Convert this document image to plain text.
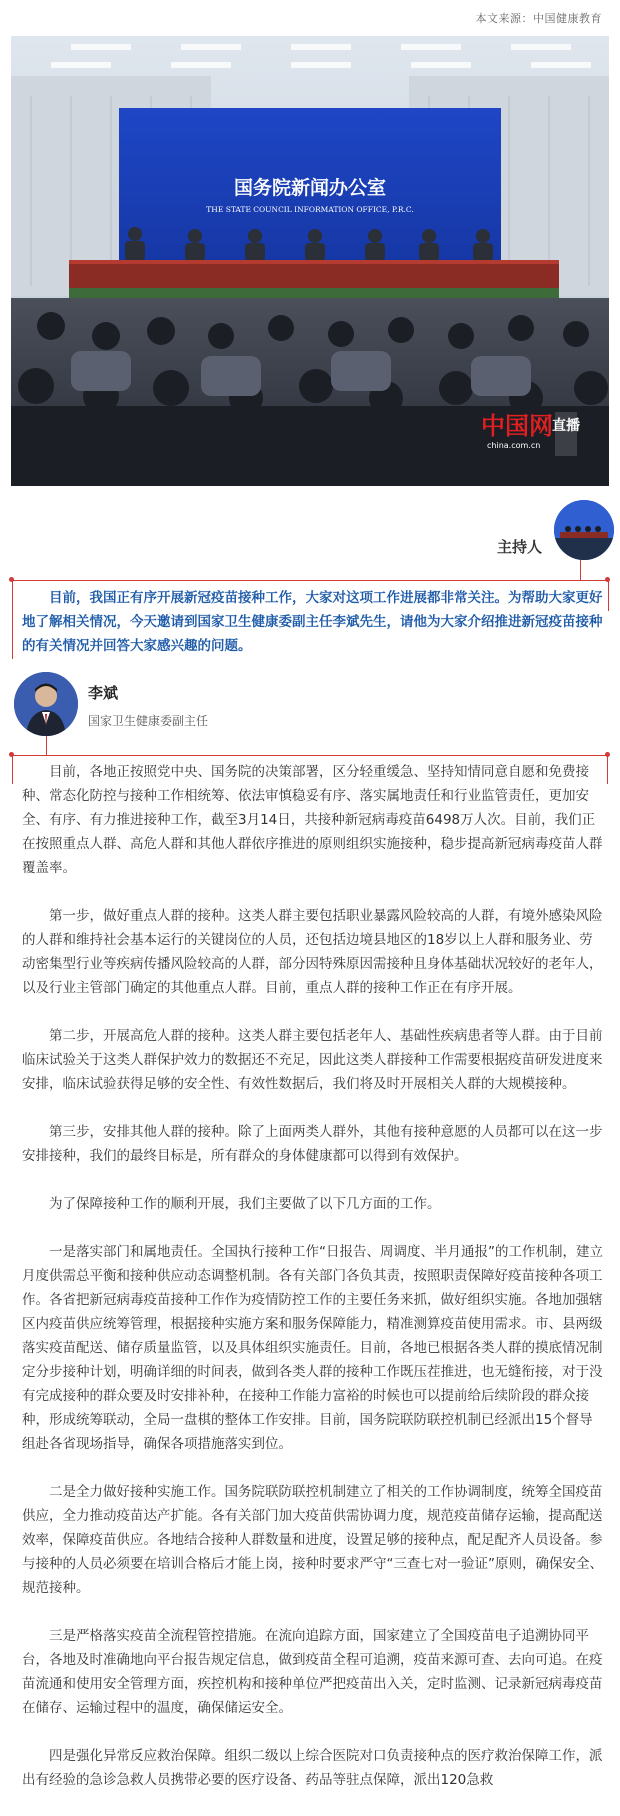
本文来源：中国健康教育
国务院新闻办公室
THE STATE COUNCIL INFORMATION OFFICE, P.R.C.
中国网
china.com.cn
直播
主持人
目前，我国正有序开展新冠疫苗接种工作，大家对这项工作进展都非常关注。为帮助大家更好地了解相关情况，今天邀请到国家卫生健康委副主任李斌先生，请他为大家介绍推进新冠疫苗接种的有关情况并回答大家感兴趣的问题。
李斌
国家卫生健康委副主任

目前，各地正按照党中央、国务院的决策部署，区分轻重缓急、坚持知情同意自愿和免费接种、常态化防控与接种工作相统筹、依法审慎稳妥有序、落实属地责任和行业监管责任，更加安全、有序、有力推进接种工作，截至3月14日，共接种新冠病毒疫苗6498万人次。目前，我们正在按照重点人群、高危人群和其他人群依序推进的原则组织实施接种，稳步提高新冠病毒疫苗人群覆盖率。

第一步，做好重点人群的接种。这类人群主要包括职业暴露风险较高的人群，有境外感染风险的人群和维持社会基本运行的关键岗位的人员，还包括边境县地区的18岁以上人群和服务业、劳动密集型行业等疾病传播风险较高的人群，部分因特殊原因需接种且身体基础状况较好的老年人，以及行业主管部门确定的其他重点人群。目前，重点人群的接种工作正在有序开展。

第二步，开展高危人群的接种。这类人群主要包括老年人、基础性疾病患者等人群。由于目前临床试验关于这类人群保护效力的数据还不充足，因此这类人群接种工作需要根据疫苗研发进度来安排，临床试验获得足够的安全性、有效性数据后，我们将及时开展相关人群的大规模接种。

第三步，安排其他人群的接种。除了上面两类人群外，其他有接种意愿的人员都可以在这一步安排接种，我们的最终目标是，所有群众的身体健康都可以得到有效保护。

为了保障接种工作的顺利开展，我们主要做了以下几方面的工作。

一是落实部门和属地责任。全国执行接种工作“日报告、周调度、半月通报”的工作机制，建立月度供需总平衡和接种供应动态调整机制。各有关部门各负其责，按照职责保障好疫苗接种各项工作。各省把新冠病毒疫苗接种工作作为疫情防控工作的主要任务来抓，做好组织实施。各地加强辖区内疫苗供应统筹管理，根据接种实施方案和服务保障能力，精准测算疫苗使用需求。市、县两级落实疫苗配送、储存质量监管，以及具体组织实施责任。目前，各地已根据各类人群的摸底情况制定分步接种计划，明确详细的时间表，做到各类人群的接种工作既压茬推进，也无缝衔接，对于没有完成接种的群众要及时安排补种，在接种工作能力富裕的时候也可以提前给后续阶段的群众接种，形成统筹联动，全局一盘棋的整体工作安排。目前，国务院联防联控机制已经派出15个督导组赴各省现场指导，确保各项措施落实到位。

二是全力做好接种实施工作。国务院联防联控机制建立了相关的工作协调制度，统筹全国疫苗供应，全力推动疫苗达产扩能。各有关部门加大疫苗供需协调力度，规范疫苗储存运输，提高配送效率，保障疫苗供应。各地结合接种人群数量和进度，设置足够的接种点，配足配齐人员设备。参与接种的人员必须要在培训合格后才能上岗，接种时要求严守“三查七对一验证”原则，确保安全、规范接种。

三是严格落实疫苗全流程管控措施。在流向追踪方面，国家建立了全国疫苗电子追溯协同平台，各地及时准确地向平台报告规定信息，做到疫苗全程可追溯，疫苗来源可查、去向可追。在疫苗流通和使用安全管理方面，疾控机构和接种单位严把疫苗出入关，定时监测、记录新冠病毒疫苗在储存、运输过程中的温度，确保储运安全。

四是强化异常反应救治保障。组织二级以上综合医院对口负责接种点的医疗救治保障工作，派出有经验的急诊急救人员携带必要的医疗设备、药品等驻点保障，派出120急救
